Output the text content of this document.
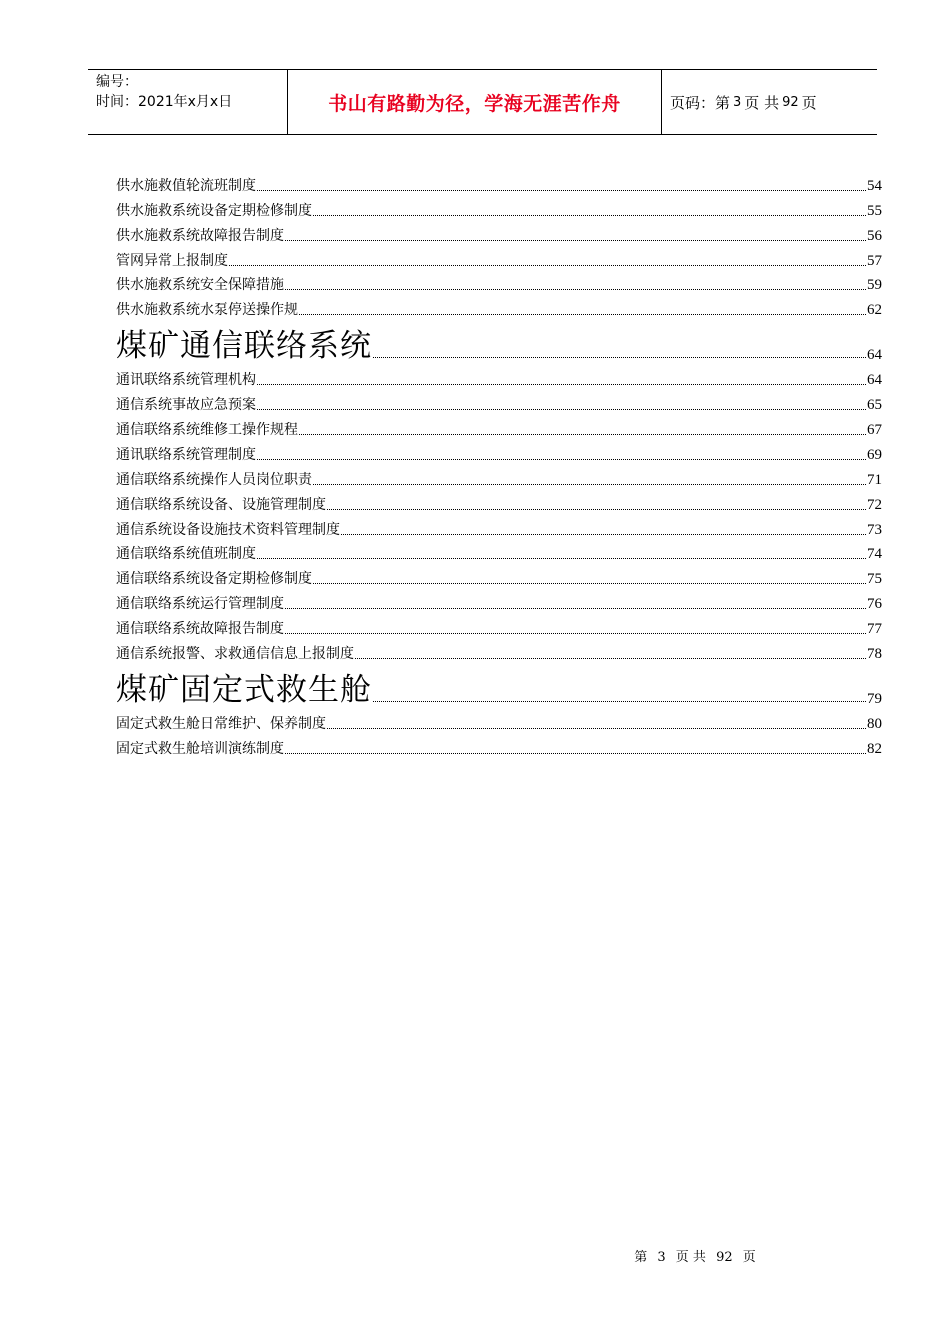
编号：
时间：2021年x月x日	书山有路勤为径，学海无涯苦作舟	页码：第 3 页 共 92 页
供水施救值轮流班制度	54
供水施救系统设备定期检修制度	55
供水施救系统故障报告制度	56
管网异常上报制度	57
供水施救系统安全保障措施	59
供水施救系统水泵停送操作规	62
煤矿通信联络系统	64
通讯联络系统管理机构	64
通信系统事故应急预案	65
通信联络系统维修工操作规程	67
通讯联络系统管理制度	69
通信联络系统操作人员岗位职责	71
通信联络系统设备、设施管理制度	72
通信系统设备设施技术资料管理制度	73
通信联络系统值班制度	74
通信联络系统设备定期检修制度	75
通信联络系统运行管理制度	76
通信联络系统故障报告制度	77
通信系统报警、求救通信信息上报制度	78
煤矿固定式救生舱	79
固定式救生舱日常维护、保养制度	80
固定式救生舱培训演练制度	82
第 3 页 共 92 页
